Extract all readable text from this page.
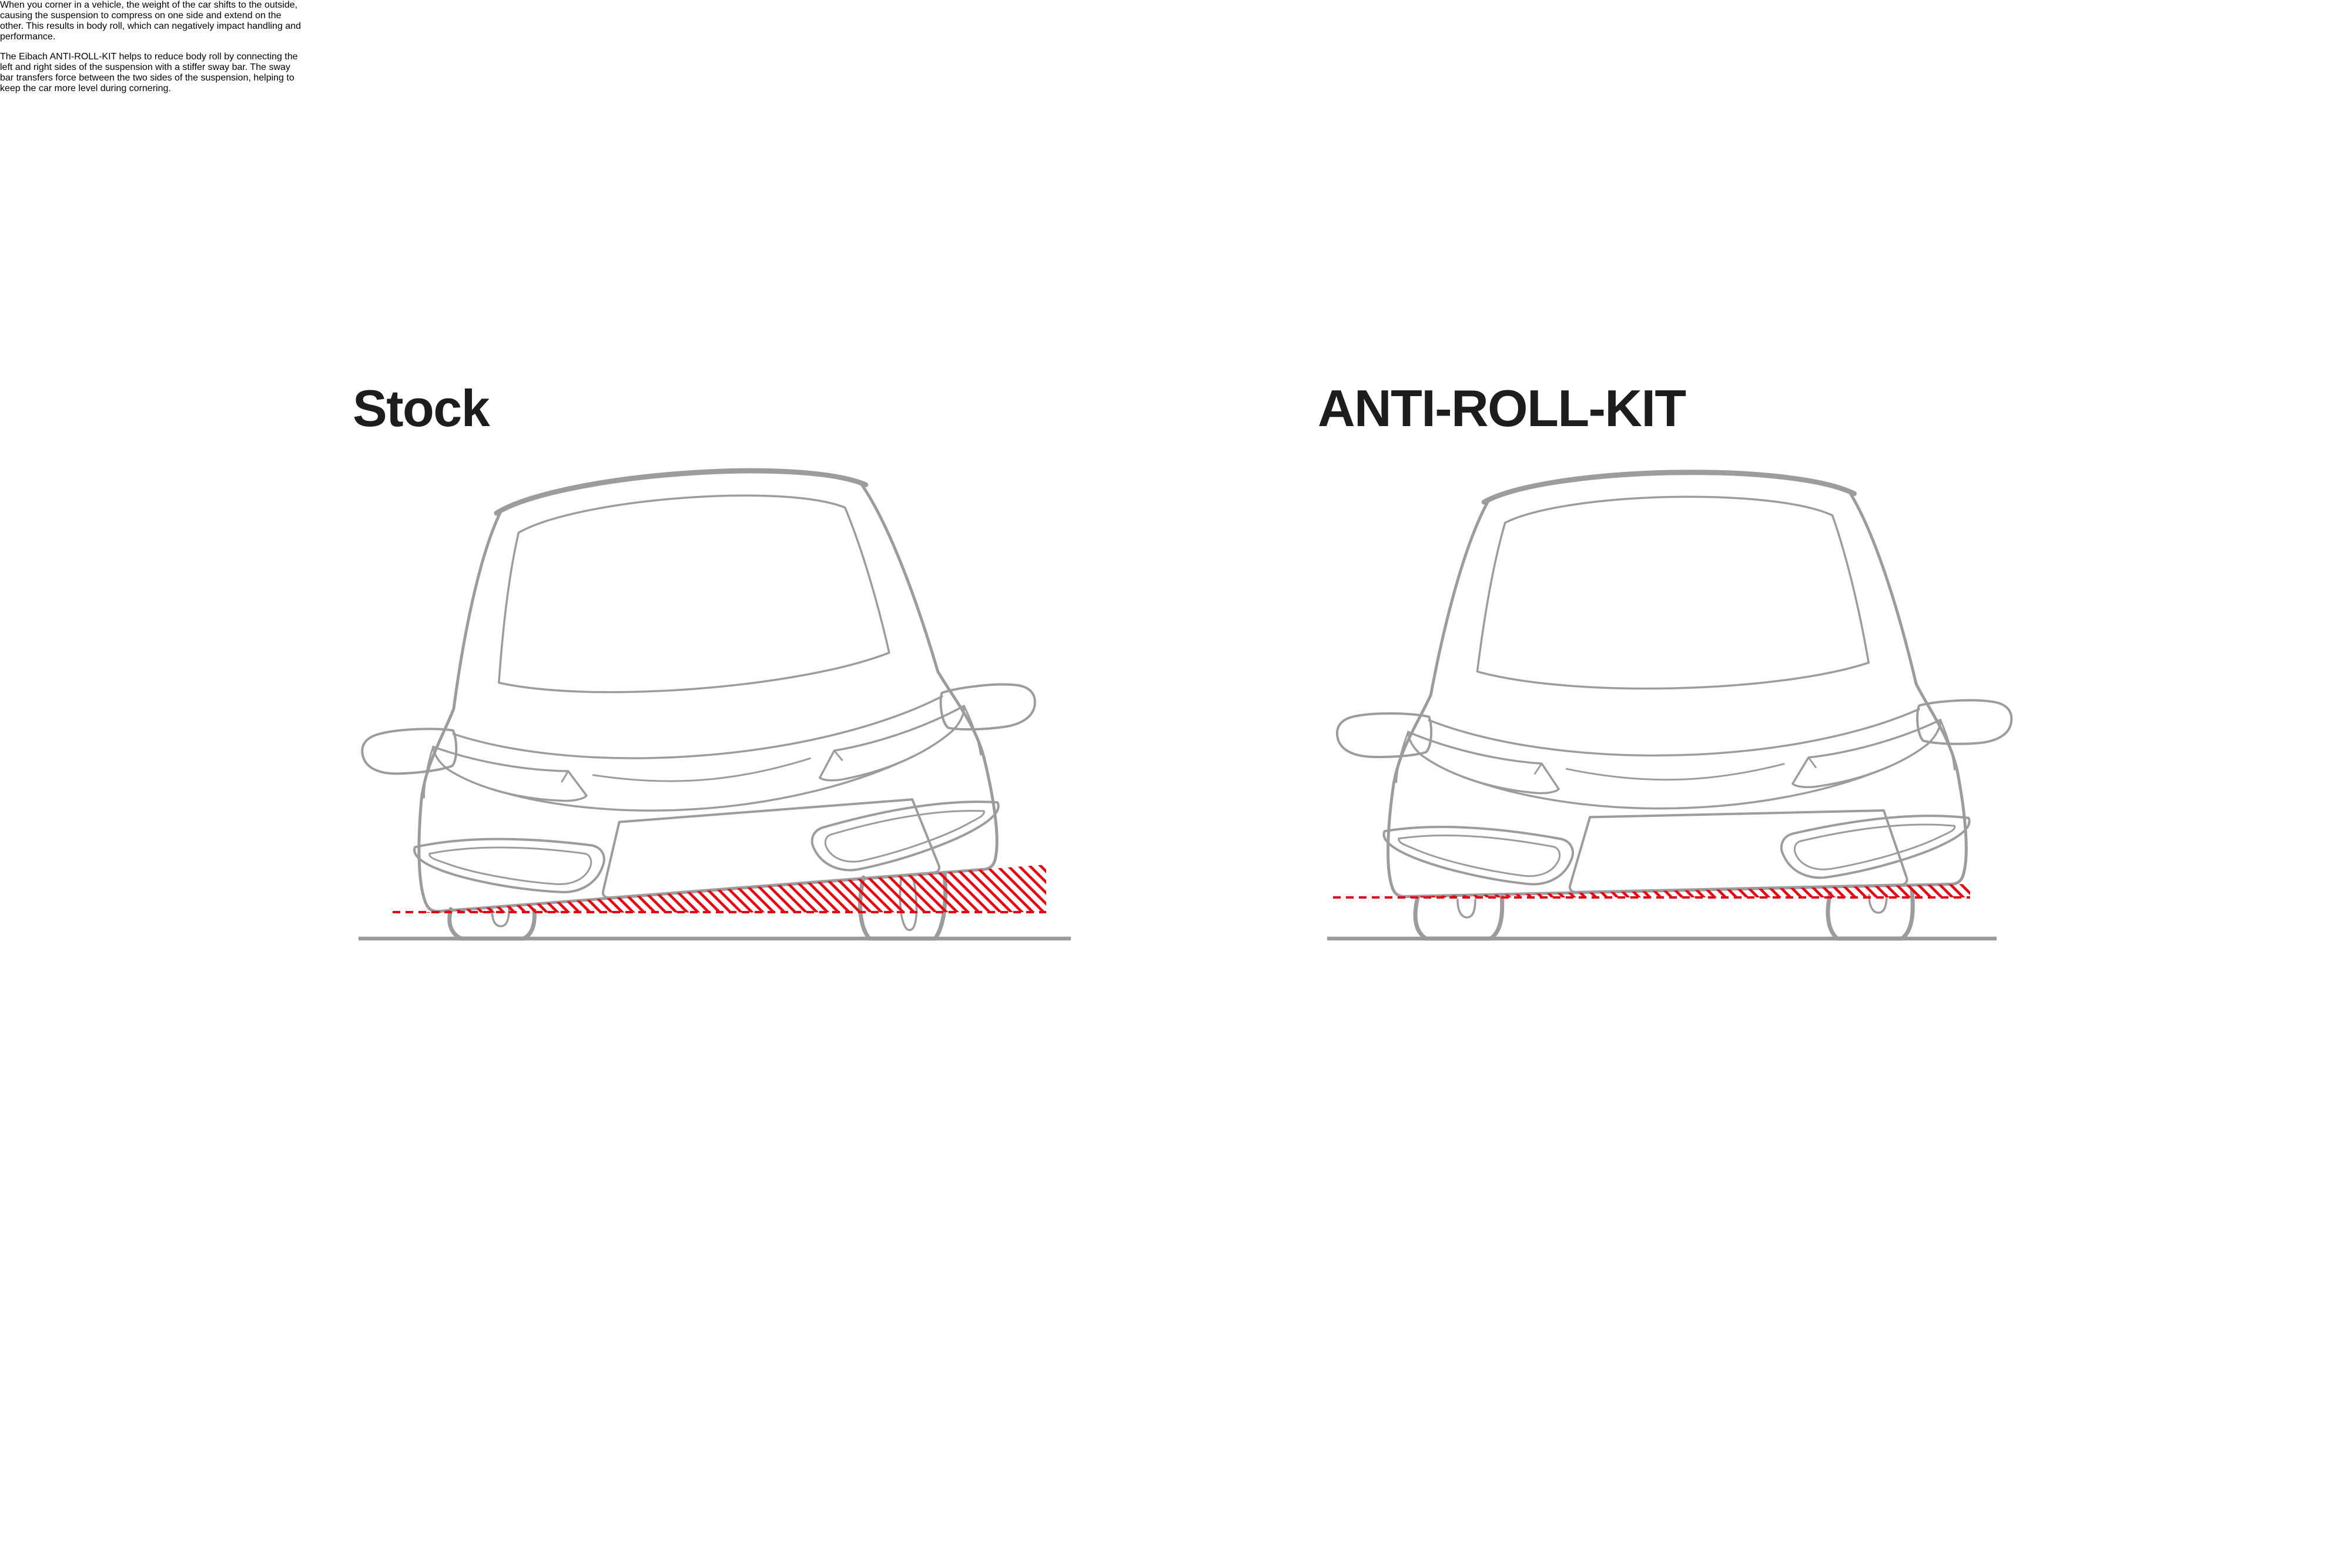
Stock

When you corner in a vehicle, the weight of the car shifts to the outside,
causing the suspension to compress on one side and extend on the
other. This results in body roll, which can negatively impact handling and
performance.

ANTI-ROLL-KIT

The Eibach ANTI-ROLL-KIT helps to reduce body roll by connecting the
left and right sides of the suspension with a stiffer sway bar. The sway
bar transfers force between the two sides of the suspension, helping to
keep the car more level during cornering.
